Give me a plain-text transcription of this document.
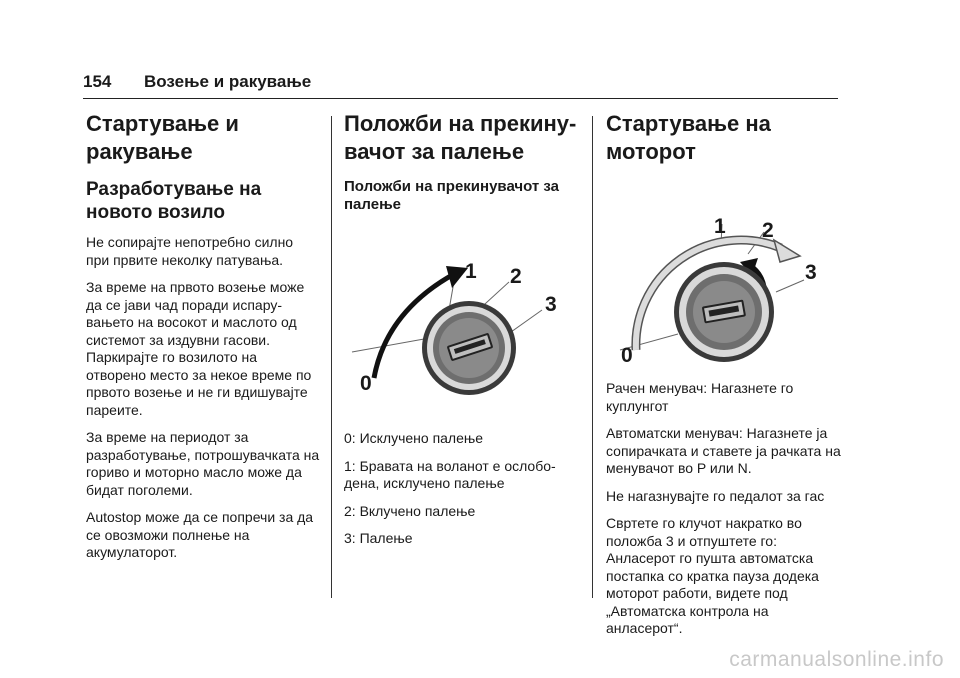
154 Возење и ракување
Стартување и ракување
Разработување на новото возило

Не сопирајте непотребно силно при првите неколку патувања.

За време на првото возење може да се јави чад поради испарувањето на восокот и маслото од системот за издувни гасови. Паркирајте го возилото на отворено место за некое време по првото возење и не ги вдишувајте пареите.

За време на периодот за разработување, потрошувачката на гориво и моторно масло може да бидат поголеми.

Autostop може да се попречи за да се овозможи полнење на акумулаторот.

Положби на прекинувачот за палење
Положби на прекинувачот за палење
0
1 2
3

0: Исклучено палење

1: Бравата на воланот е ослободена, исклучено палење

2: Вклучено палење

3: Палење

Стартување на моторот
0
1 2
3

Рачен менувач: Нагазнете го куплунгот

Автоматски менувач: Нагазнете ја сопирачката и ставете ја рачката на менувачот во P или N.

Не нагазнувајте го педалот за гас

Свртете го клучот накратко во положба 3 и отпуштете го: Анласерот го пушта автоматска постапка со кратка пауза додека моторот работи, видете под „Автоматска контрола на анласерот“.

carmanualsonline.info
